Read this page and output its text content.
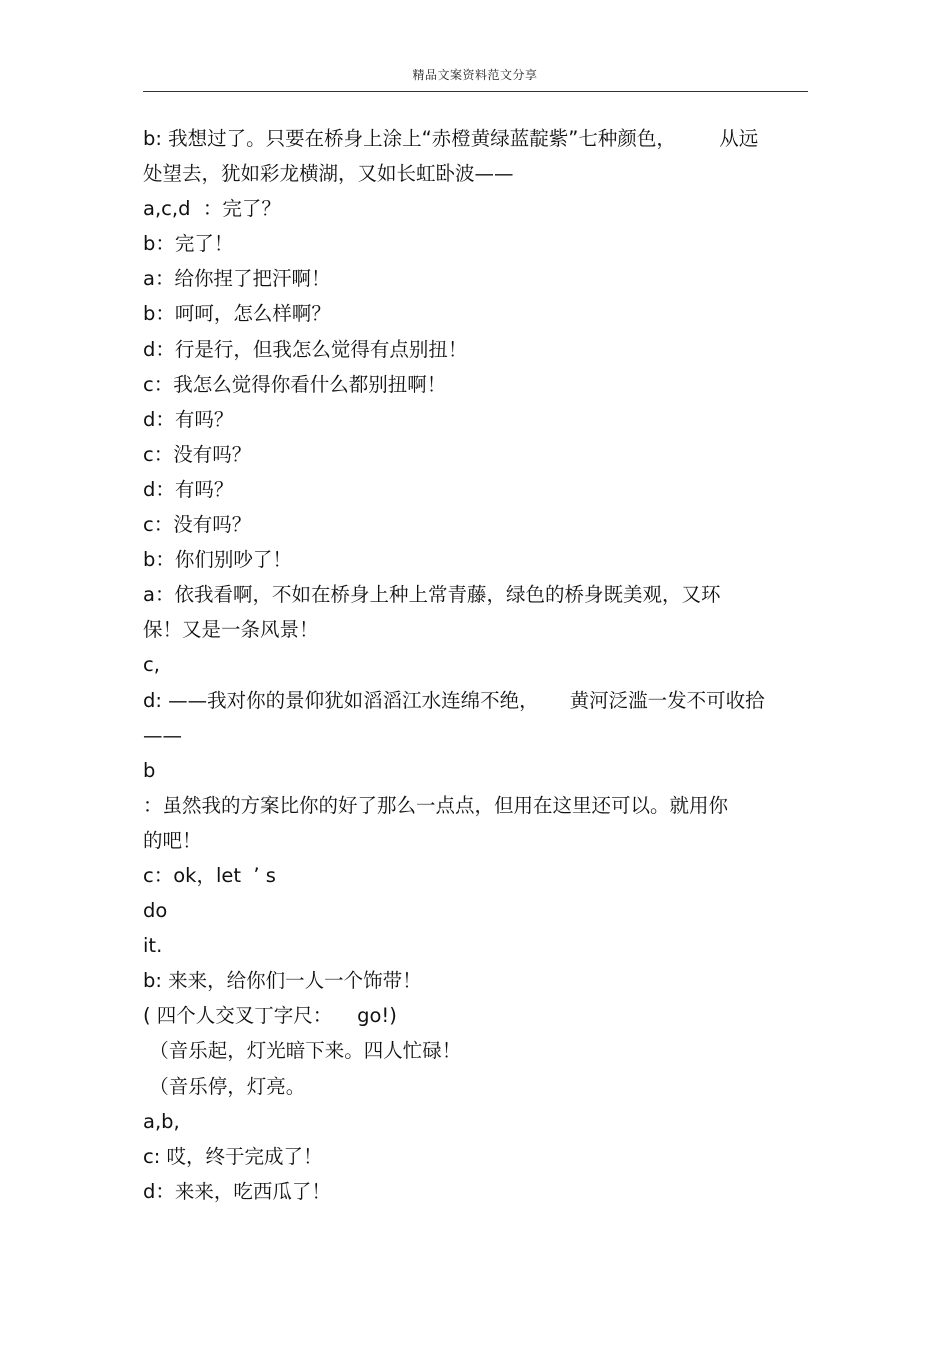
精品文案资料范文分享
b: 我想过了。只要在桥身上涂上“赤橙黄绿蓝靛紫”七种颜色，       从远
处望去，犹如彩龙横湖，又如长虹卧波——
a,c,d  ：完了？
b：完了！
a：给你捏了把汗啊！
b：呵呵，怎么样啊？
d：行是行，但我怎么觉得有点别扭！
c：我怎么觉得你看什么都别扭啊！
d：有吗？
c：没有吗？
d：有吗？
c：没有吗？
b：你们别吵了！
a：依我看啊，不如在桥身上种上常青藤，绿色的桥身既美观，又环
保！又是一条风景！
c,
d: ——我对你的景仰犹如滔滔江水连绵不绝，     黄河泛滥一发不可收拾
——
b
：虽然我的方案比你的好了那么一点点，但用在这里还可以。就用你
的吧！
c：ok，let  ’ s
do
it.
b: 来来，给你们一人一个饰带！
( 四个人交叉丁字尺：    go!)
（音乐起，灯光暗下来。四人忙碌！
（音乐停，灯亮。
a,b,
c: 哎，终于完成了！
d：来来，吃西瓜了！
